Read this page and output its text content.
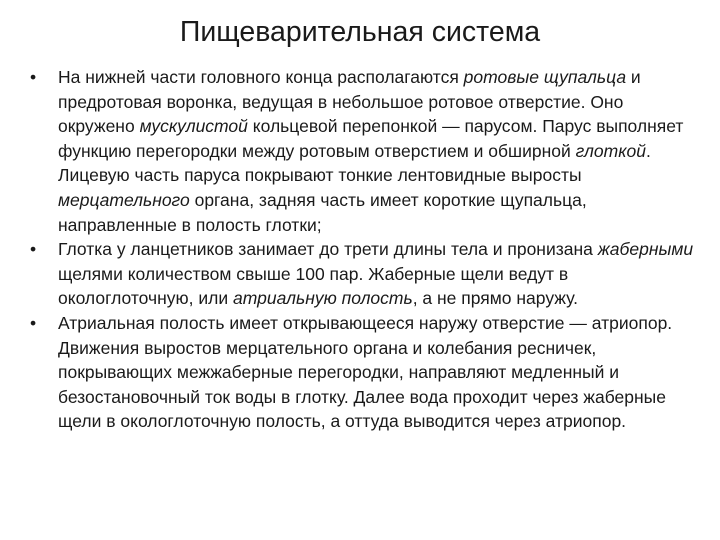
Пищеварительная система
•	На нижней части головного конца располагаются ротовые щупальца и предротовая воронка, ведущая в небольшое ротовое отверстие. Оно окружено мускулистой кольцевой перепонкой — парусом. Парус выполняет функцию перегородки между ротовым отверстием и обширной глоткой. Лицевую часть паруса покрывают тонкие лентовидные выросты мерцательного органа, задняя часть имеет короткие щупальца, направленные в полость глотки;
•	Глотка у ланцетников занимает до трети длины тела и пронизана жаберными щелями количеством свыше 100 пар. Жаберные щели ведут в окологлоточную, или атриальную полость, а не прямо наружу.
•	Атриальная полость имеет открывающееся наружу отверстие — атриопор. Движения выростов мерцательного органа и колебания ресничек, покрывающих межжаберные перегородки, направляют медленный и безостановочный ток воды в глотку. Далее вода проходит через жаберные щели в окологлоточную полость, а оттуда выводится через атриопор.
